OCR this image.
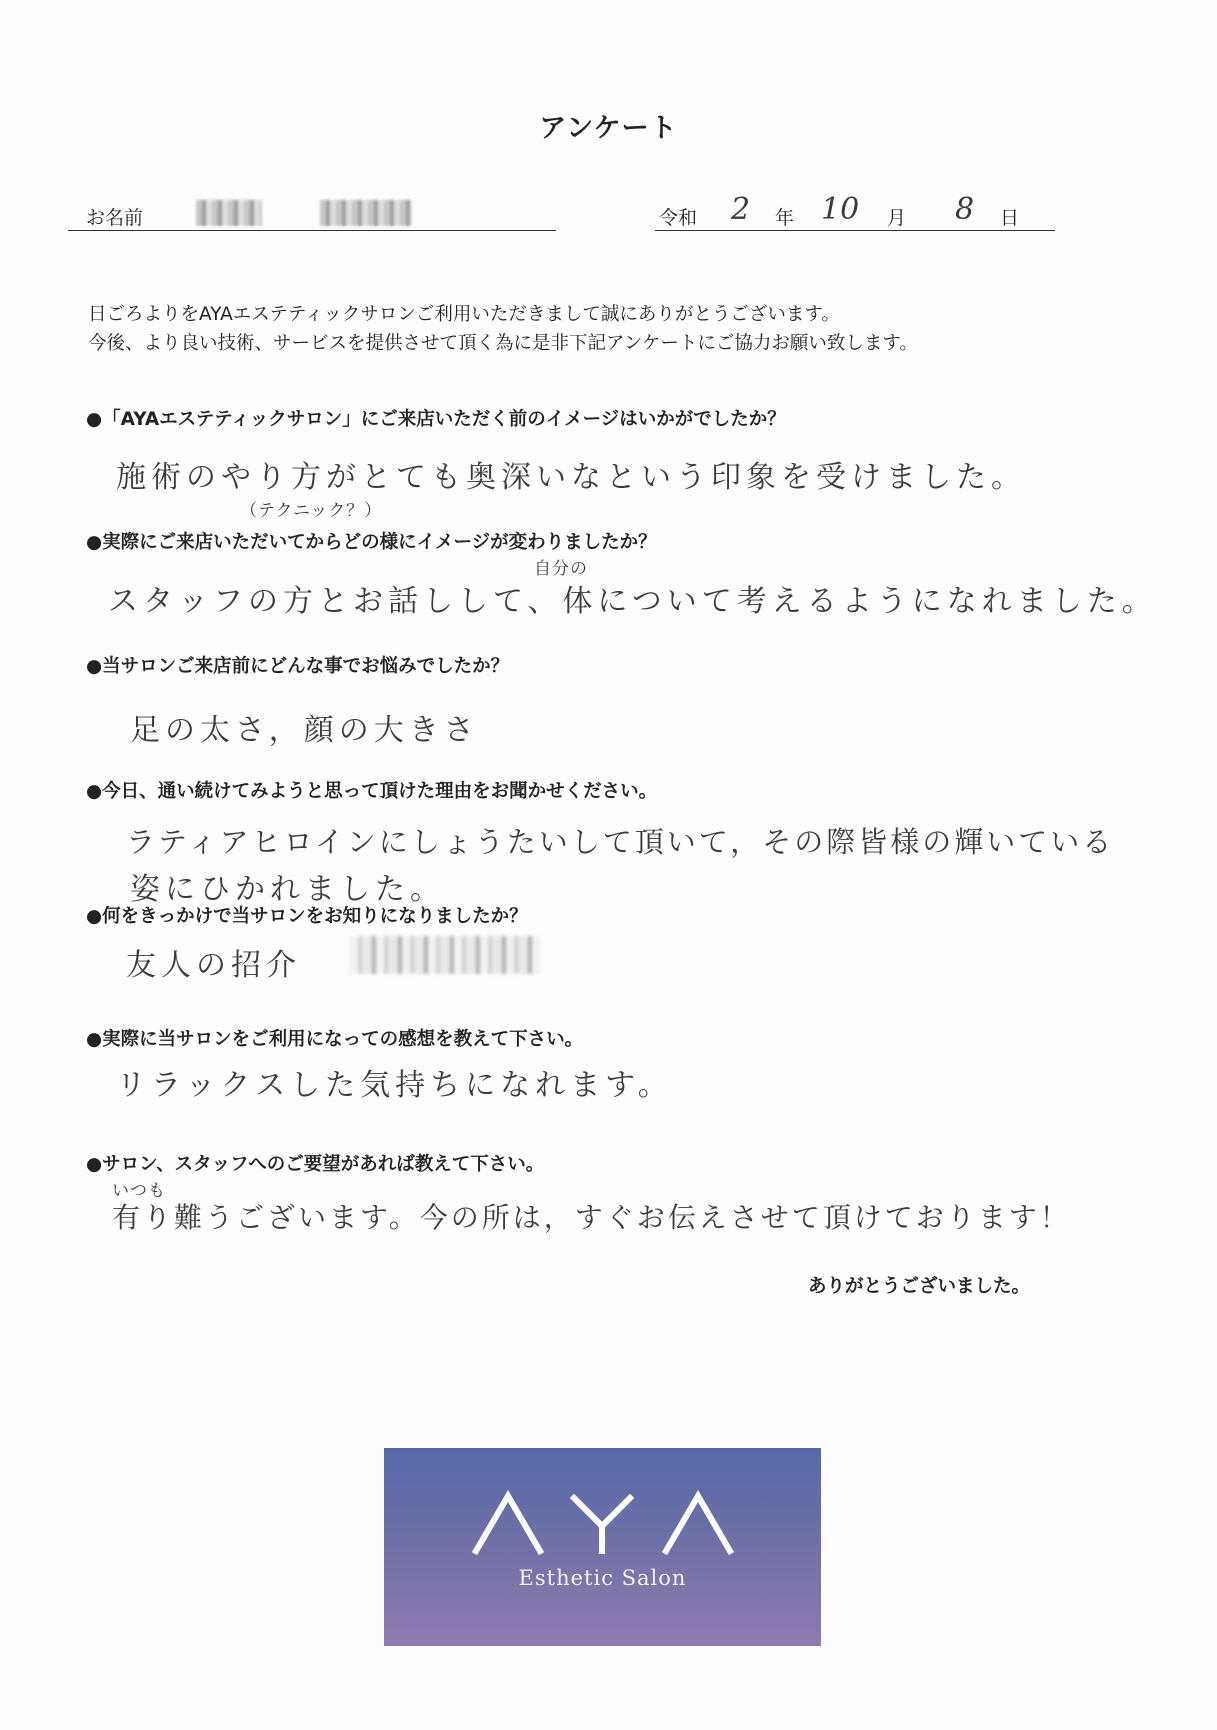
アンケート
お名前	令和 2 年 10 月 8 日
日ごろよりをAYAエステティックサロンご利用いただきまして誠にありがとうございます。
今後、より良い技術、サービスを提供させて頂く為に是非下記アンケートにご協力お願い致します。
●「AYAエステティックサロン」にご来店いただく前のイメージはいかがでしたか？
施術のやり方がとても奥深いなという印象を受けました。
（テクニック？）
●実際にご来店いただいてからどの様にイメージが変わりましたか？
自分の
スタッフの方とお話しして、体について考えるようになれました。
●当サロンご来店前にどんな事でお悩みでしたか？
足の太さ，顔の大きさ
●今日、通い続けてみようと思って頂けた理由をお聞かせください。
ラティアヒロインにしょうたいして頂いて，その際皆様の輝いている
姿にひかれました。
●何をきっかけで当サロンをお知りになりましたか？
友人の招介
●実際に当サロンをご利用になっての感想を教えて下さい。
リラックスした気持ちになれます。
●サロン、スタッフへのご要望があれば教えて下さい。
いつも
有り難うございます。今の所は，すぐお伝えさせて頂けております！
ありがとうございました。
Esthetic Salon
